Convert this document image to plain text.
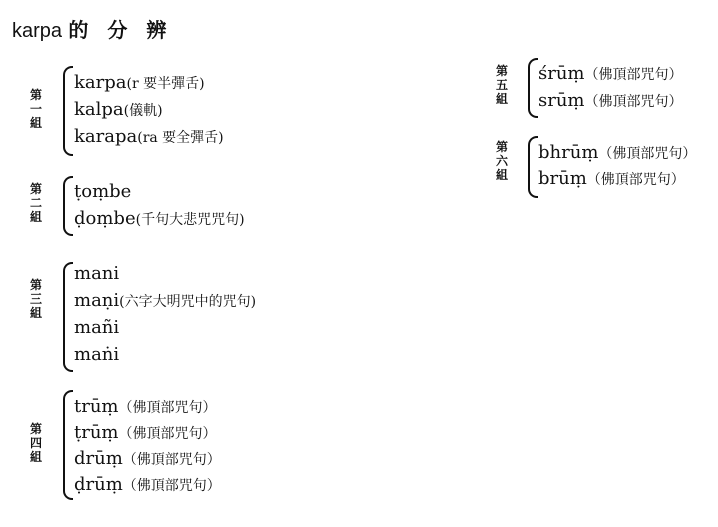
karpa 的 分 辨
第
一
組
karpa(r 要半彈舌)
kalpa(儀軌)
karapa(ra 要全彈舌)
第
二
組
ṭoṃbe
ḍoṃbe(千句大悲咒咒句)
第
三
組
mani
maṇi(六字大明咒中的咒句)
mañi
maṅi
第
四
組
trūṃ（佛頂部咒句）
ṭrūṃ（佛頂部咒句）
drūṃ（佛頂部咒句）
ḍrūṃ（佛頂部咒句）
第
五
組
śrūṃ（佛頂部咒句）
srūṃ（佛頂部咒句）
第
六
組
bhrūṃ（佛頂部咒句）
brūṃ（佛頂部咒句）
